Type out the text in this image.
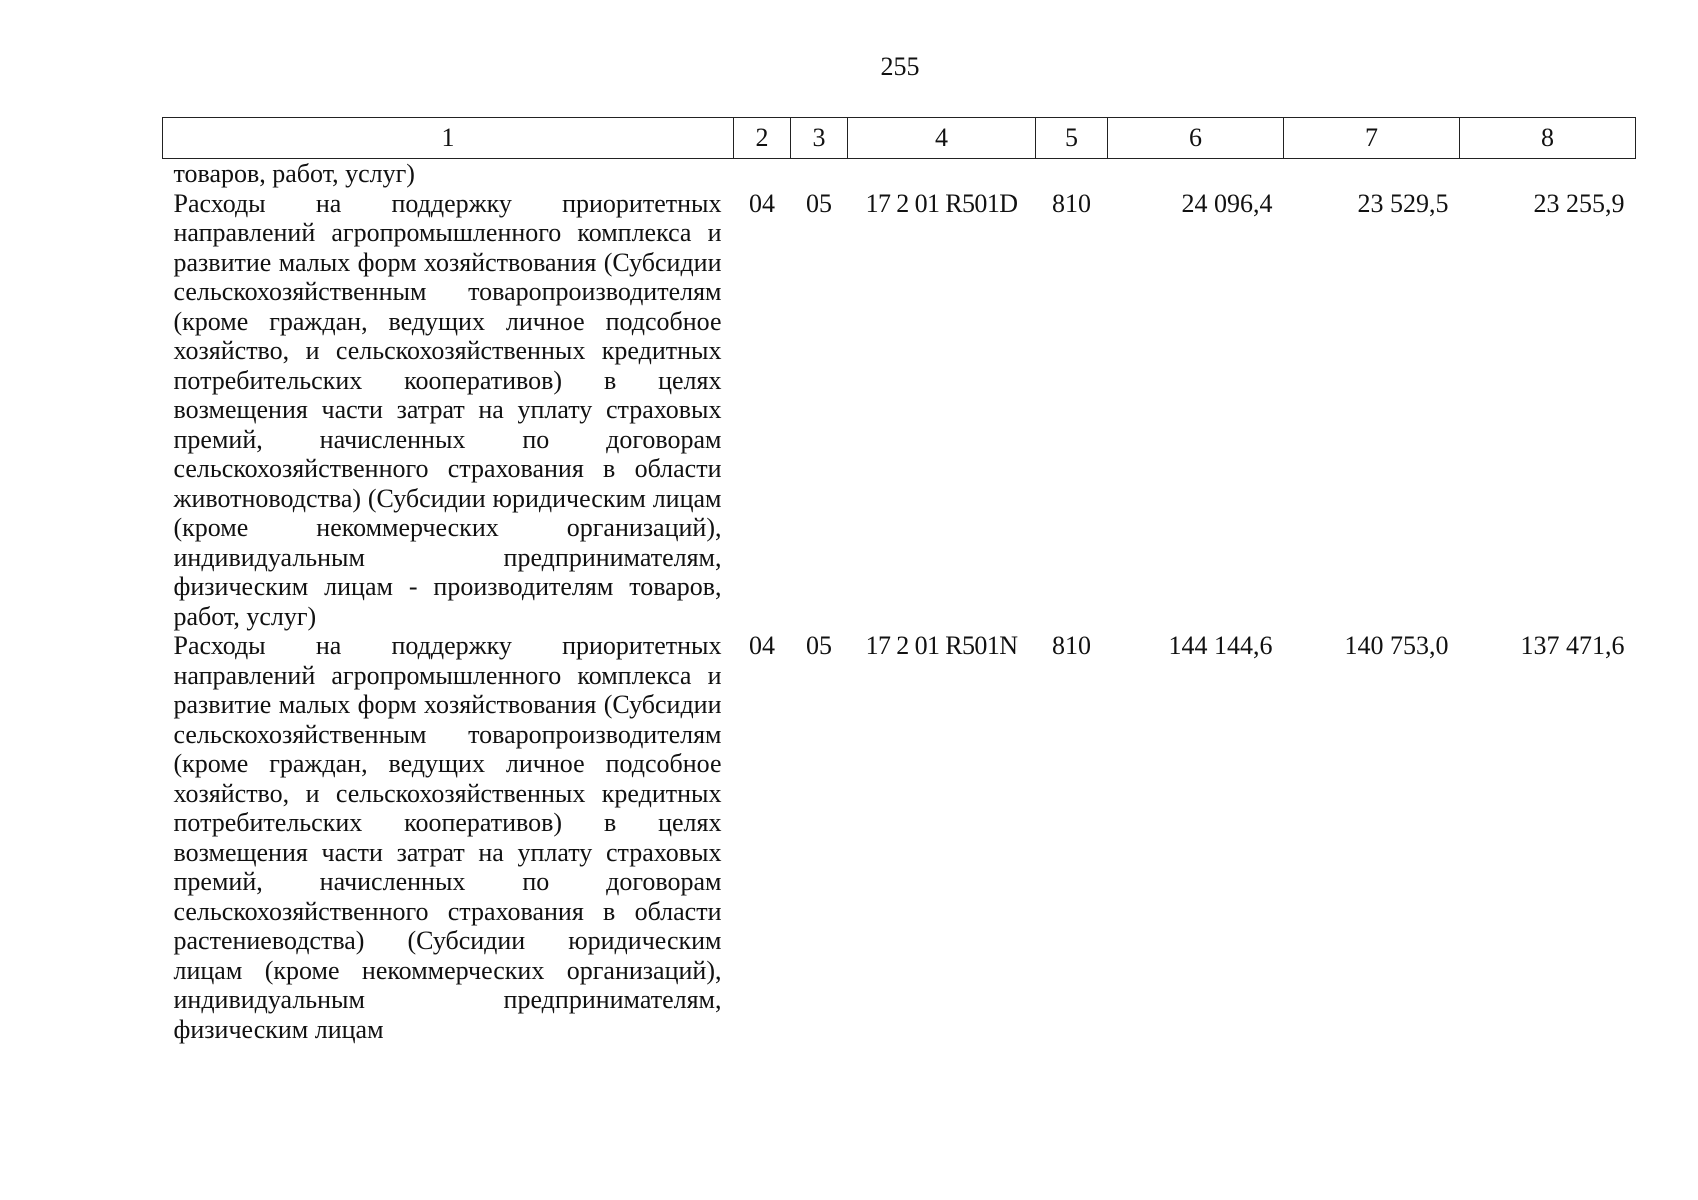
255
1	2	3	4	5	6	7	8
товаров, работ, услуг)							
Расходы на поддержку приоритетных направлений агропромышленного комплекса и развитие малых форм хозяйствования (Субсидии сельскохозяйственным товаропроизводителям (кроме граждан, ведущих личное подсобное хозяйство, и сельскохозяйственных кредитных потребительских кооперативов) в целях возмещения части затрат на уплату страховых премий, начисленных по договорам сельскохозяйственного страхования в области животноводства) (Субсидии юридическим лицам (кроме некоммерческих организаций), индивидуальным предпринимателям, физическим лицам - производителям товаров, работ, услуг)	04	05	17 2 01 R501D	810	24 096,4	23 529,5	23 255,9
Расходы на поддержку приоритетных направлений агропромышленного комплекса и развитие малых форм хозяйствования (Субсидии сельскохозяйственным товаропроизводителям (кроме граждан, ведущих личное подсобное хозяйство, и сельскохозяйственных кредитных потребительских кооперативов) в целях возмещения части затрат на уплату страховых премий, начисленных по договорам сельскохозяйственного страхования в области растениеводства) (Субсидии юридическим лицам (кроме некоммерческих организаций), индивидуальным предпринимателям, физическим лицам	04	05	17 2 01 R501N	810	144 144,6	140 753,0	137 471,6
